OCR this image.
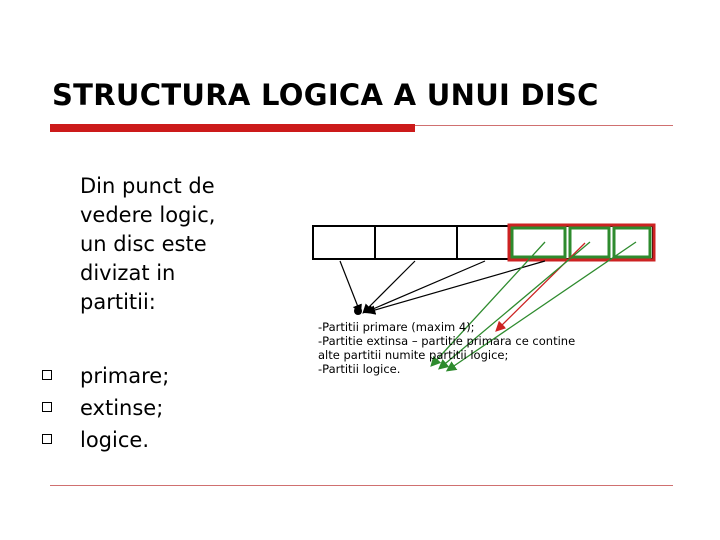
STRUCTURA LOGICA A UNUI DISC
Din punct de
vedere logic,
un disc este
divizat in
partitii:
primare;
extinse;
logice.
-Partitii primare (maxim 4);
-Partitie extinsa – partitie primara ce contine
alte partitii numite partitii logice;
-Partitii logice.
